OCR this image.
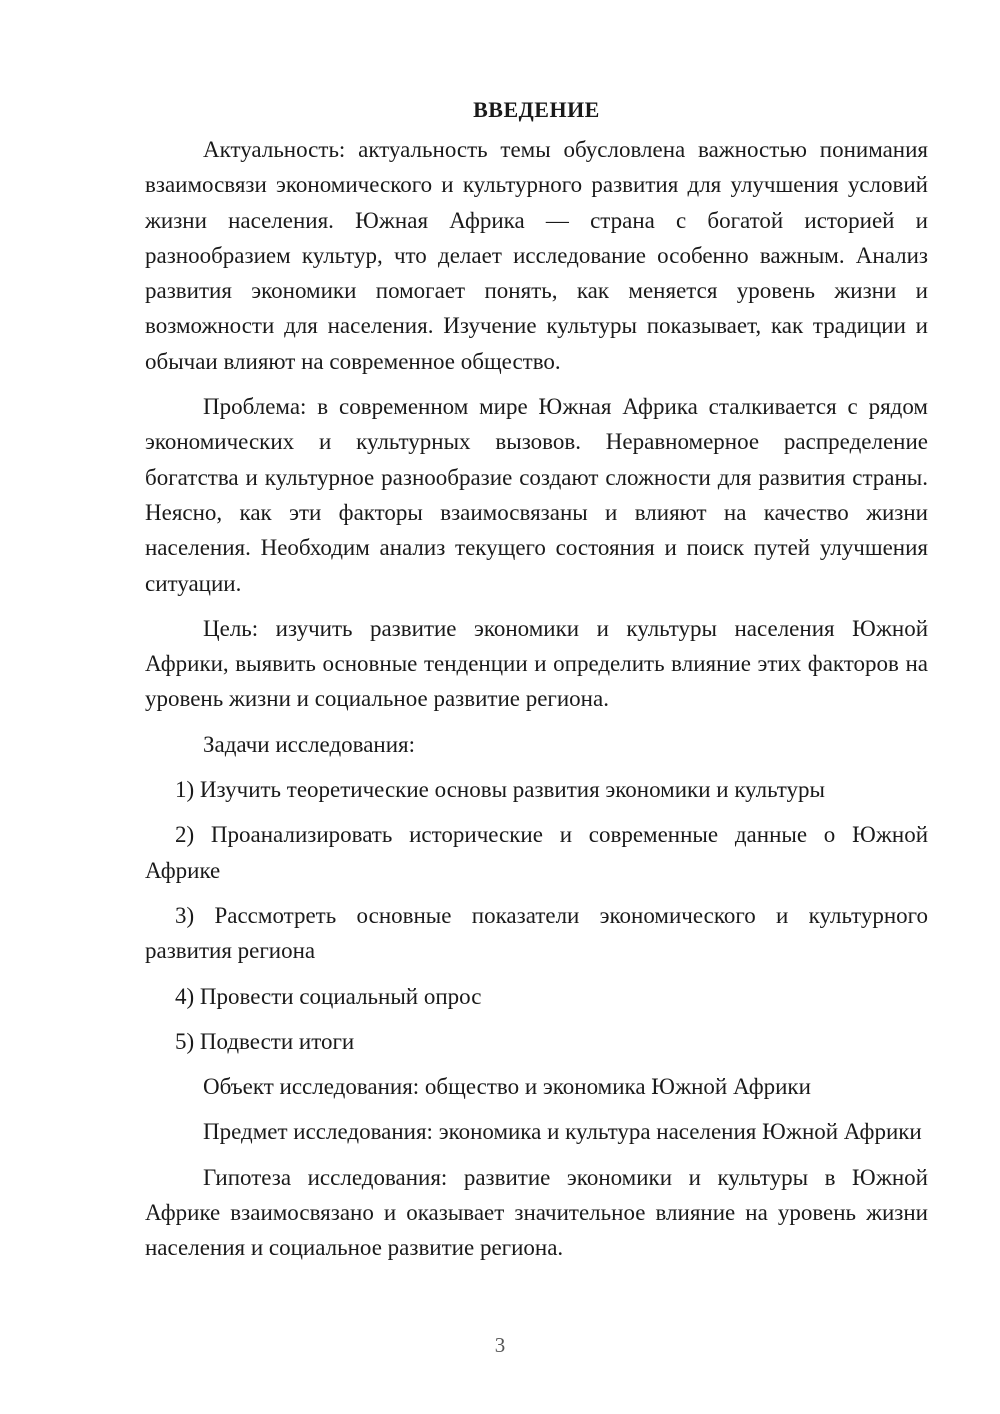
ВВЕДЕНИЕ

Актуальность: актуальность темы обусловлена важностью понимания взаимосвязи экономического и культурного развития для улучшения условий жизни населения. Южная Африка — страна с богатой историей и разнообразием культур, что делает исследование особенно важным. Анализ развития экономики помогает понять, как меняется уровень жизни и возможности для населения. Изучение культуры показывает, как традиции и обычаи влияют на современное общество.

Проблема: в современном мире Южная Африка сталкивается с рядом экономических и культурных вызовов. Неравномерное распределение богатства и культурное разнообразие создают сложности для развития страны. Неясно, как эти факторы взаимосвязаны и влияют на качество жизни населения. Необходим анализ текущего состояния и поиск путей улучшения ситуации.

Цель: изучить развитие экономики и культуры населения Южной Африки, выявить основные тенденции и определить влияние этих факторов на уровень жизни и социальное развитие региона.

Задачи исследования:

1) Изучить теоретические основы развития экономики и культуры

2) Проанализировать исторические и современные данные о Южной Африке

3) Рассмотреть основные показатели экономического и культурного развития региона

4) Провести социальный опрос

5) Подвести итоги

Объект исследования: общество и экономика Южной Африки

Предмет исследования: экономика и культура населения Южной Африки

Гипотеза исследования: развитие экономики и культуры в Южной Африке взаимосвязано и оказывает значительное влияние на уровень жизни населения и социальное развитие региона.

3
